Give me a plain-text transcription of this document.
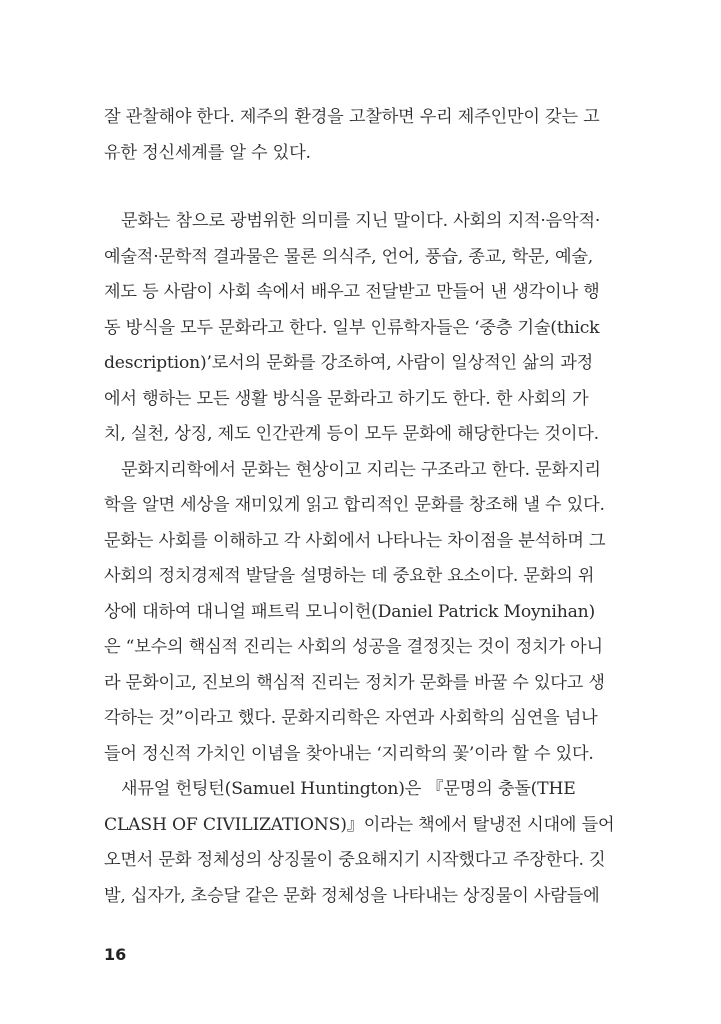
잘 관찰해야 한다. 제주의 환경을 고찰하면 우리 제주인만이 갖는 고
유한 정신세계를 알 수 있다.
문화는 참으로 광범위한 의미를 지닌 말이다. 사회의 지적·음악적·
예술적·문학적 결과물은 물론 의식주, 언어, 풍습, 종교, 학문, 예술,
제도 등 사람이 사회 속에서 배우고 전달받고 만들어 낸 생각이나 행
동 방식을 모두 문화라고 한다. 일부 인류학자들은 ‘중층 기술(thick
description)’로서의 문화를 강조하여, 사람이 일상적인 삶의 과정
에서 행하는 모든 생활 방식을 문화라고 하기도 한다. 한 사회의 가
치, 실천, 상징, 제도 인간관계 등이 모두 문화에 해당한다는 것이다.
문화지리학에서 문화는 현상이고 지리는 구조라고 한다. 문화지리
학을 알면 세상을 재미있게 읽고 합리적인 문화를 창조해 낼 수 있다.
문화는 사회를 이해하고 각 사회에서 나타나는 차이점을 분석하며 그
사회의 정치경제적 발달을 설명하는 데 중요한 요소이다. 문화의 위
상에 대하여 대니얼 패트릭 모니이헌(Daniel Patrick Moynihan)
은 “보수의 핵심적 진리는 사회의 성공을 결정짓는 것이 정치가 아니
라 문화이고, 진보의 핵심적 진리는 정치가 문화를 바꿀 수 있다고 생
각하는 것”이라고 했다. 문화지리학은 자연과 사회학의 심연을 넘나
들어 정신적 가치인 이념을 찾아내는 ‘지리학의 꽃’이라 할 수 있다.
새뮤얼 헌팅턴(Samuel Huntington)은 『문명의 충돌(THE
CLASH OF CIVILIZATIONS)』이라는 책에서 탈냉전 시대에 들어
오면서 문화 정체성의 상징물이 중요해지기 시작했다고 주장한다. 깃
발, 십자가, 초승달 같은 문화 정체성을 나타내는 상징물이 사람들에
16
